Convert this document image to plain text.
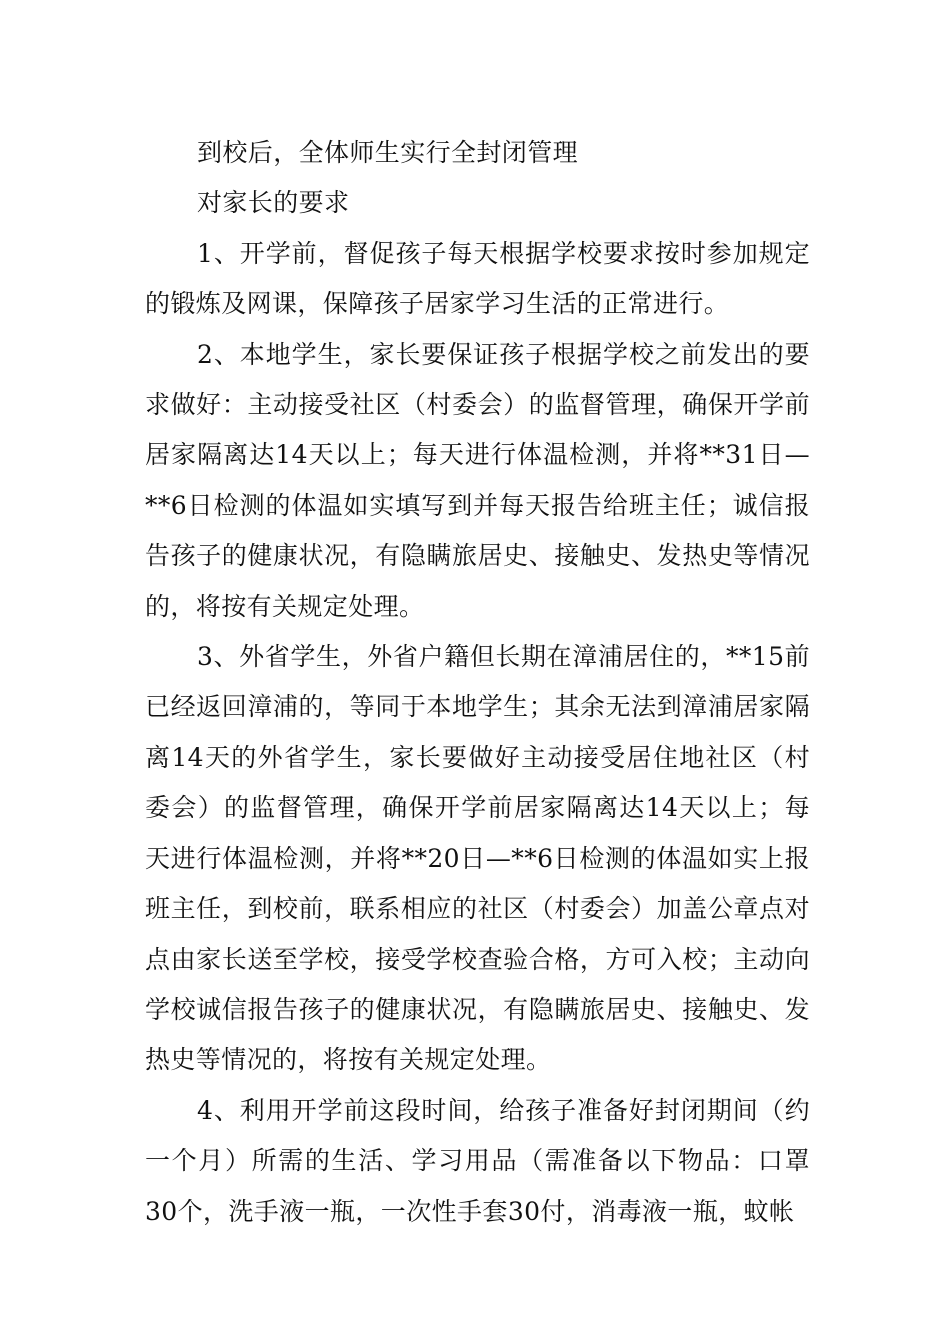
到校后，全体师生实行全封闭管理

对家长的要求

1、开学前，督促孩子每天根据学校要求按时参加规定的锻炼及网课，保障孩子居家学习生活的正常进行。

2、本地学生，家长要保证孩子根据学校之前发出的要求做好：主动接受社区（村委会）的监督管理，确保开学前居家隔离达14天以上；每天进行体温检测，并将**31日—**6日检测的体温如实填写到并每天报告给班主任；诚信报告孩子的健康状况，有隐瞒旅居史、接触史、发热史等情况的，将按有关规定处理。

3、外省学生，外省户籍但长期在漳浦居住的，**15前已经返回漳浦的，等同于本地学生；其余无法到漳浦居家隔离14天的外省学生，家长要做好主动接受居住地社区（村委会）的监督管理，确保开学前居家隔离达14天以上；每天进行体温检测，并将**20日—**6日检测的体温如实上报班主任，到校前，联系相应的社区（村委会）加盖公章点对点由家长送至学校，接受学校查验合格，方可入校；主动向学校诚信报告孩子的健康状况，有隐瞒旅居史、接触史、发热史等情况的，将按有关规定处理。

4、利用开学前这段时间，给孩子准备好封闭期间（约一个月）所需的生活、学习用品（需准备以下物品：口罩30个，洗手液一瓶，一次性手套30付，消毒液一瓶，蚊帐
